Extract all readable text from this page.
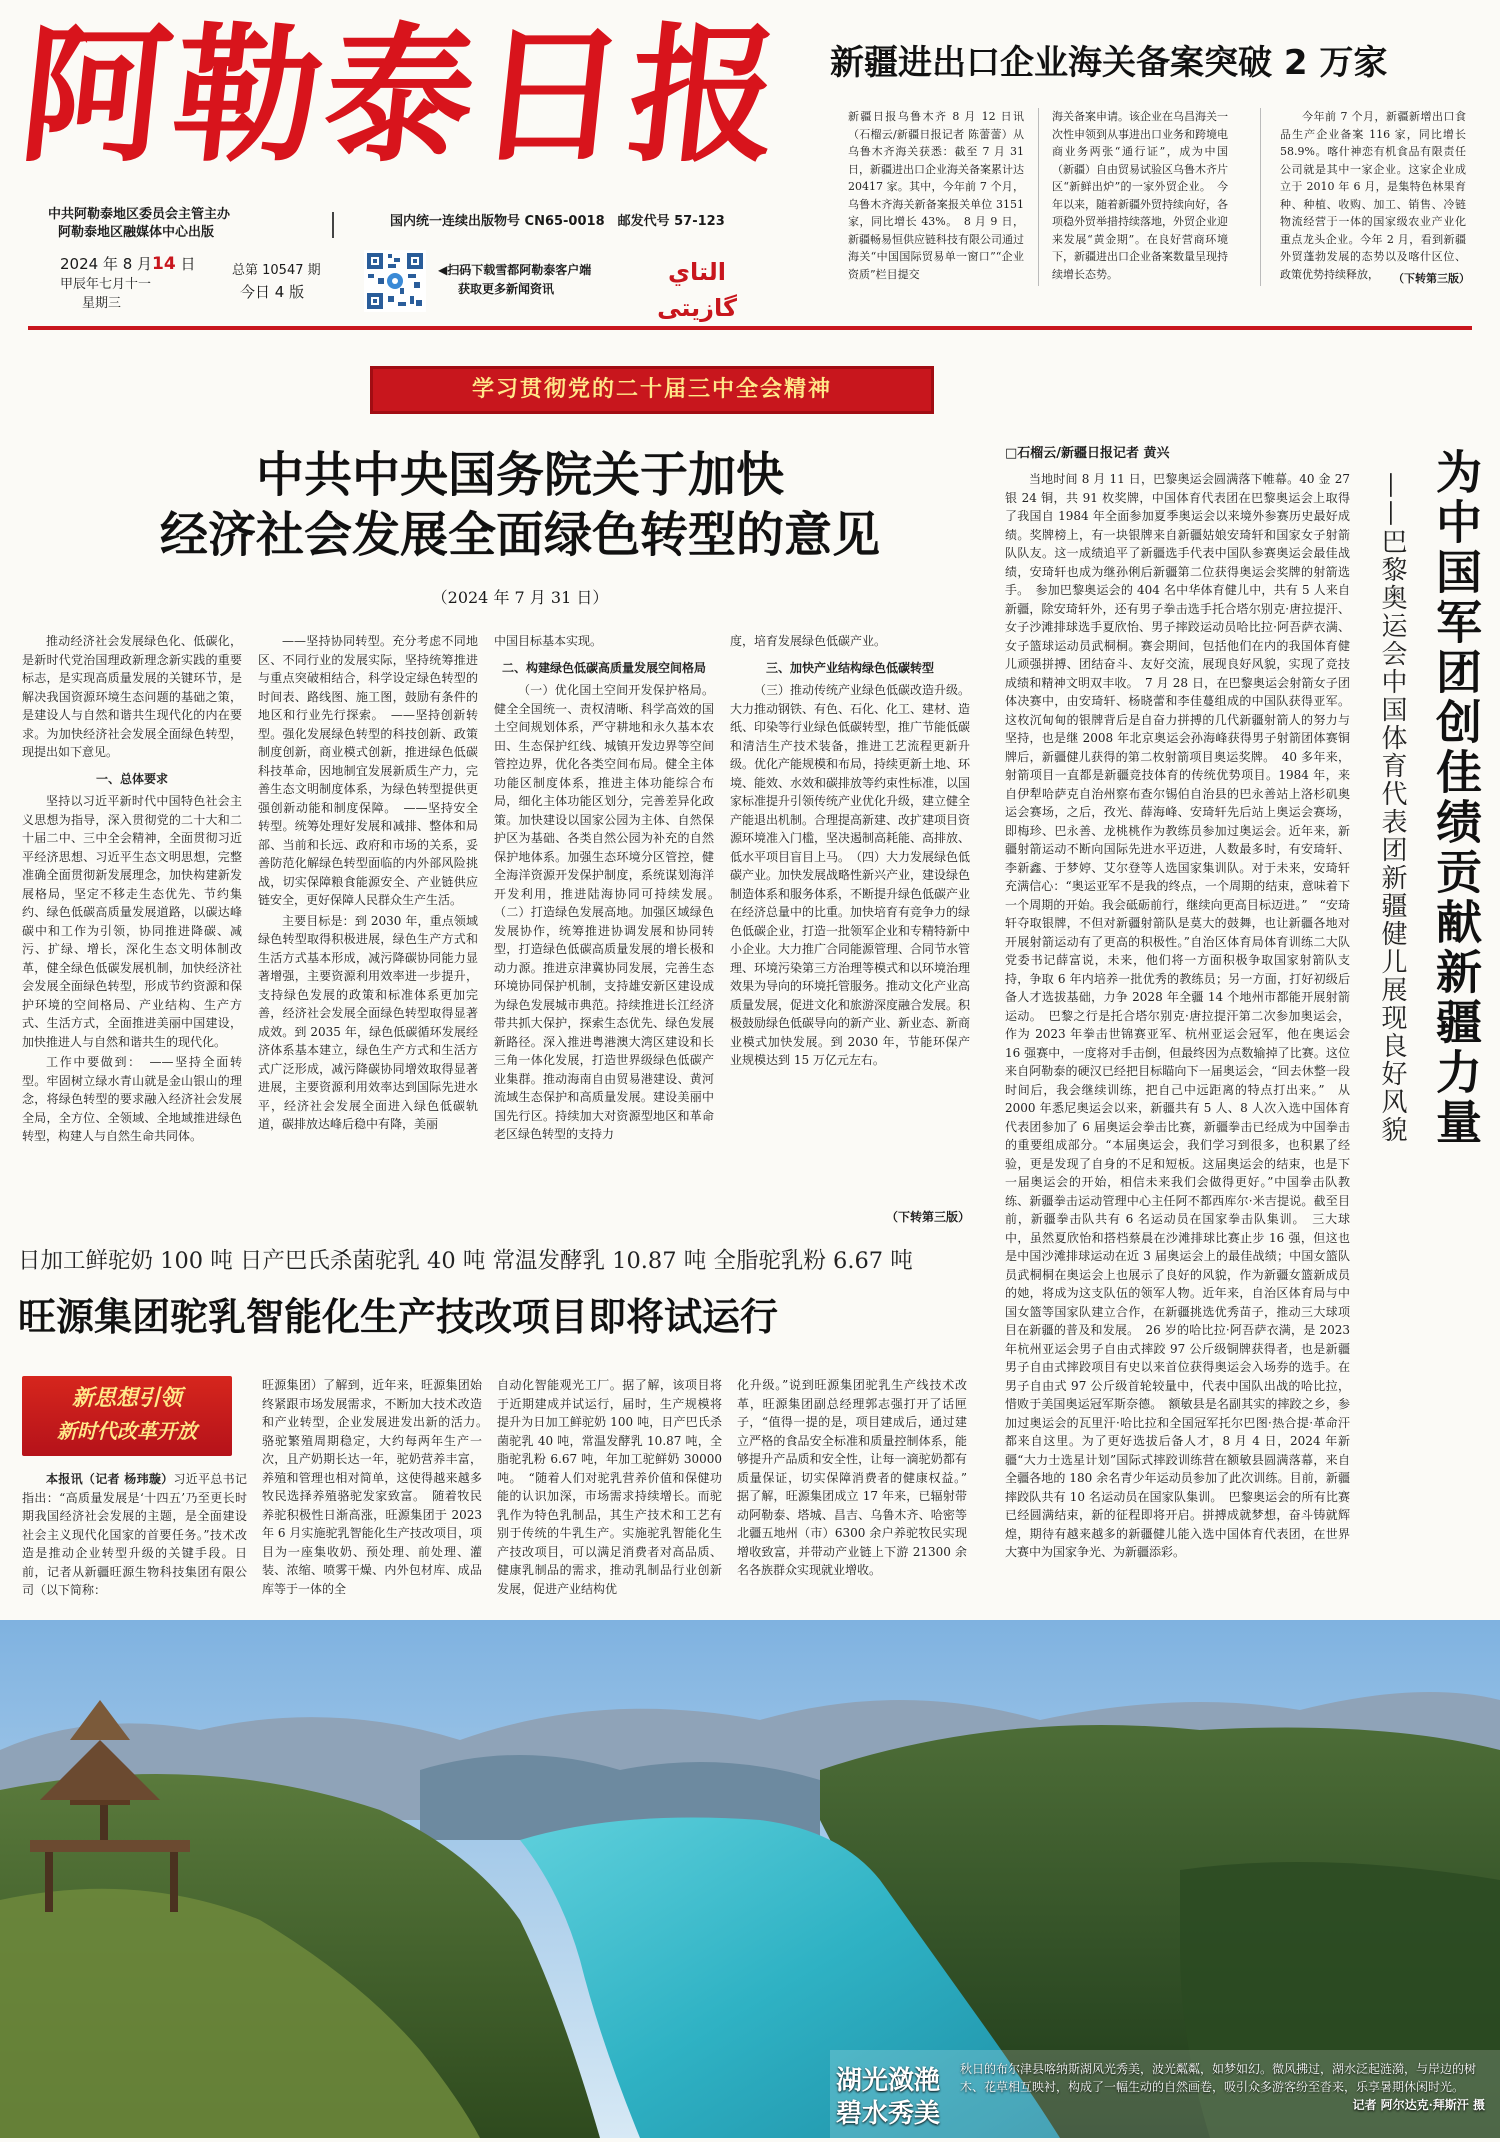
阿勒泰日报 新疆进出口企业海关备案突破 2 万家
中共阿勒泰地区委员会主管主办
阿勒泰地区融媒体中心出版
国内统一连续出版物号 CN65-0018　邮发代号 57-123
2024 年 8 月14 日
甲辰年七月十一
星期三
总第 10547 期
今日 4 版
◀扫码下载雪都阿勒泰客户端
获取更多新闻资讯
التاي گازيتى

新疆日报乌鲁木齐 8 月 12 日讯（石榴云/新疆日报记者 陈蕾蕾）从乌鲁木齐海关获悉：截至 7 月 31 日，新疆进出口企业海关备案累计达 20417 家。其中，今年前 7 个月，乌鲁木齐海关新备案报关单位 3151 家，同比增长 43%。　8 月 9 日，新疆畅易恒供应链科技有限公司通过海关“中国国际贸易单一窗口”“企业资质”栏目提交

海关备案申请。该企业在乌昌海关一次性申领到从事进出口业务和跨境电商业务两张“通行证”，成为中国（新疆）自由贸易试验区乌鲁木齐片区“新鲜出炉”的一家外贸企业。　今年以来，随着新疆外贸持续向好，各项稳外贸举措持续落地，外贸企业迎来发展“黄金期”。在良好营商环境下，新疆进出口企业备案数量呈现持续增长态势。

今年前 7 个月，新疆新增出口食品生产企业备案 116 家，同比增长 58.9%。喀什神恋有机食品有限责任公司就是其中一家企业。这家企业成立于 2010 年 6 月，是集特色林果育种、种植、收购、加工、销售、冷链物流经营于一体的国家级农业产业化重点龙头企业。今年 2 月，看到新疆外贸蓬勃发展的态势以及喀什区位、政策优势持续释放，	（下转第三版）
学习贯彻党的二十届三中全会精神
中共中央国务院关于加快
经济社会发展全面绿色转型的意见
（2024 年 7 月 31 日）

推动经济社会发展绿色化、低碳化，是新时代党治国理政新理念新实践的重要标志，是实现高质量发展的关键环节，是解决我国资源环境生态问题的基础之策，是建设人与自然和谐共生现代化的内在要求。为加快经济社会发展全面绿色转型，现提出如下意见。

一、总体要求

坚持以习近平新时代中国特色社会主义思想为指导，深入贯彻党的二十大和二十届二中、三中全会精神，全面贯彻习近平经济思想、习近平生态文明思想，完整准确全面贯彻新发展理念，加快构建新发展格局，坚定不移走生态优先、节约集约、绿色低碳高质量发展道路，以碳达峰碳中和工作为引领，协同推进降碳、减污、扩绿、增长，深化生态文明体制改革，健全绿色低碳发展机制，加快经济社会发展全面绿色转型，形成节约资源和保护环境的空间格局、产业结构、生产方式、生活方式，全面推进美丽中国建设，加快推进人与自然和谐共生的现代化。

工作中要做到：　——坚持全面转型。牢固树立绿水青山就是金山银山的理念，将绿色转型的要求融入经济社会发展全局，全方位、全领域、全地域推进绿色转型，构建人与自然生命共同体。

——坚持协同转型。充分考虑不同地区、不同行业的发展实际，坚持统筹推进与重点突破相结合，科学设定绿色转型的时间表、路线图、施工图，鼓励有条件的地区和行业先行探索。　——坚持创新转型。强化发展绿色转型的科技创新、政策制度创新，商业模式创新，推进绿色低碳科技革命，因地制宜发展新质生产力，完善生态文明制度体系，为绿色转型提供更强创新动能和制度保障。　——坚持安全转型。统筹处理好发展和减排、整体和局部、当前和长远、政府和市场的关系，妥善防范化解绿色转型面临的内外部风险挑战，切实保障粮食能源安全、产业链供应链安全，更好保障人民群众生产生活。

主要目标是：到 2030 年，重点领域绿色转型取得积极进展，绿色生产方式和生活方式基本形成，减污降碳协同能力显著增强，主要资源利用效率进一步提升，支持绿色发展的政策和标准体系更加完善，经济社会发展全面绿色转型取得显著成效。到 2035 年，绿色低碳循环发展经济体系基本建立，绿色生产方式和生活方式广泛形成，减污降碳协同增效取得显著进展，主要资源利用效率达到国际先进水平，经济社会发展全面进入绿色低碳轨道，碳排放达峰后稳中有降，美丽

中国目标基本实现。

二、构建绿色低碳高质量发展空间格局

（一）优化国土空间开发保护格局。健全全国统一、责权清晰、科学高效的国土空间规划体系，严守耕地和永久基本农田、生态保护红线、城镇开发边界等空间管控边界，优化各类空间布局。健全主体功能区制度体系，推进主体功能综合布局，细化主体功能区划分，完善差异化政策。加快建设以国家公园为主体、自然保护区为基础、各类自然公园为补充的自然保护地体系。加强生态环境分区管控，健全海洋资源开发保护制度，系统谋划海洋开发利用，推进陆海协同可持续发展。　（二）打造绿色发展高地。加强区域绿色发展协作，统筹推进协调发展和协同转型，打造绿色低碳高质量发展的增长极和动力源。推进京津冀协同发展，完善生态环境协同保护机制，支持雄安新区建设成为绿色发展城市典范。持续推进长江经济带共抓大保护，探索生态优先、绿色发展新路径。深入推进粤港澳大湾区建设和长三角一体化发展，打造世界级绿色低碳产业集群。推动海南自由贸易港建设、黄河流域生态保护和高质量发展。建设美丽中国先行区。持续加大对资源型地区和革命老区绿色转型的支持力

度，培育发展绿色低碳产业。

三、加快产业结构绿色低碳转型

（三）推动传统产业绿色低碳改造升级。大力推动钢铁、有色、石化、化工、建材、造纸、印染等行业绿色低碳转型，推广节能低碳和清洁生产技术装备，推进工艺流程更新升级。优化产能规模和布局，持续更新土地、环境、能效、水效和碳排放等约束性标准，以国家标准提升引领传统产业优化升级，建立健全产能退出机制。合理提高新建、改扩建项目资源环境准入门槛，坚决遏制高耗能、高排放、低水平项目盲目上马。　（四）大力发展绿色低碳产业。加快发展战略性新兴产业，建设绿色制造体系和服务体系，不断提升绿色低碳产业在经济总量中的比重。加快培育有竞争力的绿色低碳企业，打造一批领军企业和专精特新中小企业。大力推广合同能源管理、合同节水管理、环境污染第三方治理等模式和以环境治理效果为导向的环境托管服务。推动文化产业高质量发展，促进文化和旅游深度融合发展。积极鼓励绿色低碳导向的新产业、新业态、新商业模式加快发展。到 2030 年，节能环保产业规模达到 15 万亿元左右。

（下转第三版）
□石榴云/新疆日报记者 黄兴

当地时间 8 月 11 日，巴黎奥运会圆满落下帷幕。40 金 27 银 24 铜，共 91 枚奖牌，中国体育代表团在巴黎奥运会上取得了我国自 1984 年全面参加夏季奥运会以来境外参赛历史最好成绩。奖牌榜上，有一块银牌来自新疆姑娘安琦轩和国家女子射箭队队友。这一成绩追平了新疆选手代表中国队参赛奥运会最佳战绩，安琦轩也成为继孙俐后新疆第二位获得奥运会奖牌的射箭选手。　参加巴黎奥运会的 404 名中华体育健儿中，共有 5 人来自新疆，除安琦轩外，还有男子拳击选手托合塔尔别克·唐拉提汗、女子沙滩排球选手夏欣怡、男子摔跤运动员哈比拉·阿吾萨衣满、女子篮球运动员武桐桐。赛会期间，包括他们在内的我国体育健儿顽强拼搏、团结奋斗、友好交流，展现良好风貌，实现了竞技成绩和精神文明双丰收。　7 月 28 日，在巴黎奥运会射箭女子团体决赛中，由安琦轩、杨晓蕾和李佳蔓组成的中国队获得亚军。这枚沉甸甸的银牌背后是自奋力拼搏的几代新疆射箭人的努力与坚持，也是继 2008 年北京奥运会孙海峰获得男子射箭团体赛铜牌后，新疆健儿获得的第二枚射箭项目奥运奖牌。　40 多年来，射箭项目一直都是新疆竞技体育的传统优势项目。1984 年，来自伊犁哈萨克自治州察布查尔锡伯自治县的巴永善站上洛杉矶奥运会赛场，之后，孜光、薛海峰、安琦轩先后站上奥运会赛场，即梅珍、巴永善、龙桃桃作为教练员参加过奥运会。近年来，新疆射箭运动不断向国际先进水平迈进，人数最多时，有安琦轩、李新鑫、于梦婷、艾尔登等人选国家集训队。对于未来，安琦轩充满信心：“奥运亚军不是我的终点，一个周期的结束，意味着下一个周期的开始。我会砥砺前行，继续向更高目标迈进。”　“安琦轩夺取银牌，不但对新疆射箭队是莫大的鼓舞，也让新疆各地对开展射箭运动有了更高的积极性。”自治区体育局体育训练二大队党委书记薛富说，未来，他们将一方面积极争取国家射箭队支持，争取 6 年内培养一批优秀的教练员；另一方面，打好初级后备人才选拔基础，力争 2028 年全疆 14 个地州市都能开展射箭运动。　巴黎之行是托合塔尔别克·唐拉提汗第二次参加奥运会，作为 2023 年拳击世锦赛亚军、杭州亚运会冠军，他在奥运会 16 强赛中，一度将对手击倒，但最终因为点数输掉了比赛。这位来自阿勒泰的硬汉已经把目标瞄向下一届奥运会，“回去休整一段时间后，我会继续训练，把自己中远距离的特点打出来。”　从 2000 年悉尼奥运会以来，新疆共有 5 人、8 人次入选中国体育代表团参加了 6 届奥运会拳击比赛，新疆拳击已经成为中国拳击的重要组成部分。“本届奥运会，我们学习到很多，也积累了经验，更是发现了自身的不足和短板。这届奥运会的结束，也是下一届奥运会的开始，相信未来我们会做得更好。”中国拳击队教练、新疆拳击运动管理中心主任阿不都西库尔·米吉提说。截至目前，新疆拳击队共有 6 名运动员在国家拳击队集训。　三大球中，虽然夏欣怡和搭档蔡晨在沙滩排球比赛止步 16 强，但这也是中国沙滩排球运动在近 3 届奥运会上的最佳战绩；中国女篮队员武桐桐在奥运会上也展示了良好的风貌，作为新疆女篮新成员的她，将成为这支队伍的领军人物。近年来，自治区体育局与中国女篮等国家队建立合作，在新疆挑选优秀苗子，推动三大球项目在新疆的普及和发展。　26 岁的哈比拉·阿吾萨衣满，是 2023 年杭州亚运会男子自由式摔跤 97 公斤级铜牌获得者，也是新疆男子自由式摔跤项目有史以来首位获得奥运会入场券的选手。在男子自由式 97 公斤级首轮较量中，代表中国队出战的哈比拉，惜败于美国奥运冠军斯奈德。　额敏县是名副其实的摔跤之乡，参加过奥运会的瓦里汗·哈比拉和全国冠军托尔巴图·热合提·革命汗都来自这里。为了更好选拔后备人才，8 月 4 日，2024 年新疆“大力士选星计划”国际式摔跤训练营在额敏县圆满落幕，来自全疆各地的 180 余名青少年运动员参加了此次训练。目前，新疆摔跤队共有 10 名运动员在国家队集训。　巴黎奥运会的所有比赛已经圆满结束，新的征程即将开启。拼搏成就梦想，奋斗铸就辉煌，期待有越来越多的新疆健儿能入选中国体育代表团，在世界大赛中为国家争光、为新疆添彩。

为中国军团创佳绩贡献新疆力量
——巴黎奥运会中国体育代表团新疆健儿展现良好风貌
日加工鲜驼奶 100 吨 日产巴氏杀菌驼乳 40 吨 常温发酵乳 10.87 吨 全脂驼乳粉 6.67 吨
旺源集团驼乳智能化生产技改项目即将试运行
新思想引领
新时代改革开放

本报讯（记者 杨玮璇）习近平总书记指出：“高质量发展是‘十四五’乃至更长时期我国经济社会发展的主题，是全面建设社会主义现代化国家的首要任务。”技术改造是推动企业转型升级的关键手段。日前，记者从新疆旺源生物科技集团有限公司（以下简称：

旺源集团）了解到，近年来，旺源集团始终紧跟市场发展需求，不断加大技术改造和产业转型，企业发展进发出新的活力。　骆驼繁殖周期稳定，大约每两年生产一次，且产奶期长达一年，驼奶营养丰富，养殖和管理也相对简单，这使得越来越多牧民选择养殖骆驼发家致富。　随着牧民养驼积极性日渐高涨，旺源集团于 2023 年 6 月实施驼乳智能化生产技改项目，项目为一座集收奶、预处理、前处理、灌装、浓缩、喷雾干燥、内外包材库、成品库等于一体的全

自动化智能观光工厂。据了解，该项目将于近期建成并试运行，届时，生产规模将提升为日加工鲜驼奶 100 吨，日产巴氏杀菌驼乳 40 吨，常温发酵乳 10.87 吨，全脂驼乳粉 6.67 吨，年加工驼鲜奶 30000 吨。　“随着人们对驼乳营养价值和保健功能的认识加深，市场需求持续增长。而驼乳作为特色乳制品，其生产技术和工艺有别于传统的牛乳生产。实施驼乳智能化生产技改项目，可以满足消费者对高品质、健康乳制品的需求，推动乳制品行业创新发展，促进产业结构优

化升级。”说到旺源集团驼乳生产线技术改革，旺源集团副总经理郭志强打开了话匣子，“值得一提的是，项目建成后，通过建立严格的食品安全标准和质量控制体系，能够提升产品质和安全性，让每一滴驼奶都有质量保证，切实保障消费者的健康权益。”　据了解，旺源集团成立 17 年来，已辐射带动阿勒泰、塔城、昌吉、乌鲁木齐、哈密等北疆五地州（市）6300 余户养驼牧民实现增收致富，并带动产业链上下游 21300 余名各族群众实现就业增收。

湖光潋滟
碧水秀美
秋日的布尔津县喀纳斯湖风光秀美，波光粼粼，如梦如幻。微风拂过，湖水泛起涟漪，与岸边的树木、花草相互映衬，构成了一幅生动的自然画卷，吸引众多游客纷至沓来，乐享暑期休闲时光。
记者 阿尔达克·拜斯汗 摄
